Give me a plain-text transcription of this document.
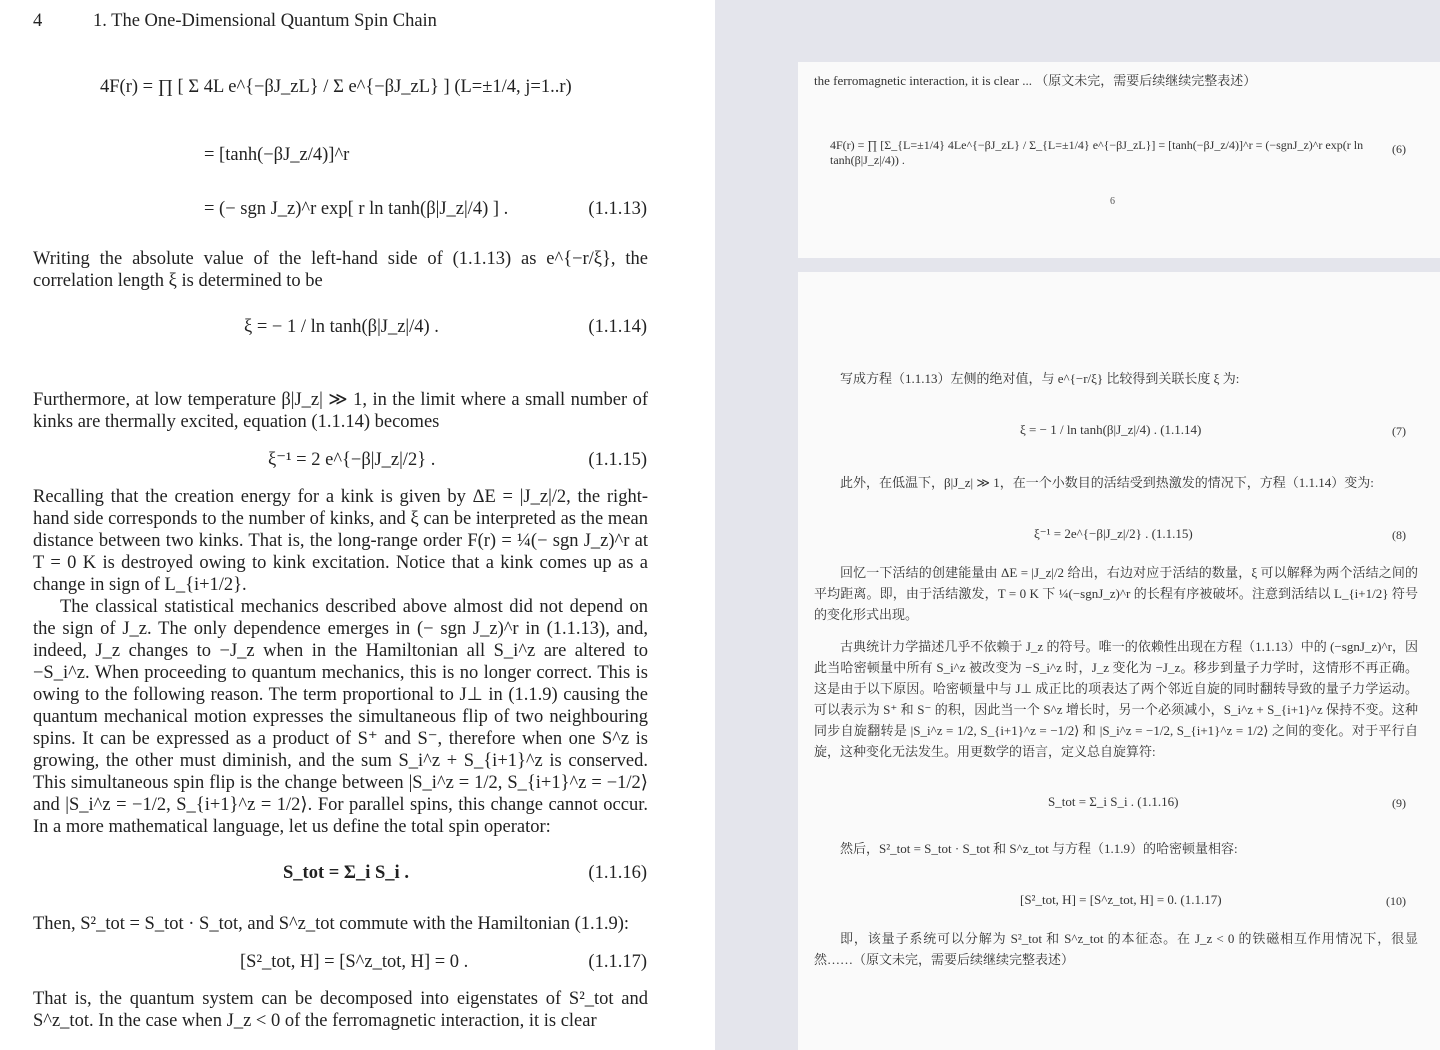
4	1. The One-Dimensional Quantum Spin Chain
4F(r) = ∏ [ Σ 4L e^{−βJ_zL} / Σ e^{−βJ_zL} ] (L=±1/4, j=1..r)
= [tanh(−βJ_z/4)]^r
= (− sgn J_z)^r exp[ r ln tanh(β|J_z|/4) ] .	(1.1.13)
Writing the absolute value of the left-hand side of (1.1.13) as e^{−r/ξ}, the correlation length ξ is determined to be
ξ = − 1 / ln tanh(β|J_z|/4) .	(1.1.14)
Furthermore, at low temperature β|J_z| ≫ 1, in the limit where a small number of kinks are thermally excited, equation (1.1.14) becomes
ξ⁻¹ = 2 e^{−β|J_z|/2} .	(1.1.15)
Recalling that the creation energy for a kink is given by ΔE = |J_z|/2, the right-hand side corresponds to the number of kinks, and ξ can be interpreted as the mean distance between two kinks. That is, the long-range order F(r) = ¼(− sgn J_z)^r at T = 0 K is destroyed owing to kink excitation. Notice that a kink comes up as a change in sign of L_{i+1/2}.
The classical statistical mechanics described above almost did not depend on the sign of J_z. The only dependence emerges in (− sgn J_z)^r in (1.1.13), and, indeed, J_z changes to −J_z when in the Hamiltonian all S_i^z are altered to −S_i^z. When proceeding to quantum mechanics, this is no longer correct. This is owing to the following reason. The term proportional to J⊥ in (1.1.9) causing the quantum mechanical motion expresses the simultaneous flip of two neighbouring spins. It can be expressed as a product of S⁺ and S⁻, therefore when one S^z is growing, the other must diminish, and the sum S_i^z + S_{i+1}^z is conserved. This simultaneous spin flip is the change between |S_i^z = 1/2, S_{i+1}^z = −1/2⟩ and |S_i^z = −1/2, S_{i+1}^z = 1/2⟩. For parallel spins, this change cannot occur. In a more mathematical language, let us define the total spin operator:
S_tot = Σ_i S_i .	(1.1.16)
Then, S²_tot = S_tot · S_tot, and S^z_tot commute with the Hamiltonian (1.1.9):
[S²_tot, H] = [S^z_tot, H] = 0 .	(1.1.17)
That is, the quantum system can be decomposed into eigenstates of S²_tot and S^z_tot. In the case when J_z < 0 of the ferromagnetic interaction, it is clear
the ferromagnetic interaction, it is clear ... （原文未完，需要后续继续完整表述）
4F(r) = ∏ [Σ_{L=±1/4} 4Le^{−βJ_zL} / Σ_{L=±1/4} e^{−βJ_zL}] = [tanh(−βJ_z/4)]^r = (−sgnJ_z)^r exp(r ln tanh(β|J_z|/4)) .
(6)
6
写成方程（1.1.13）左侧的绝对值，与 e^{−r/ξ} 比较得到关联长度 ξ 为:
ξ = − 1 / ln tanh(β|J_z|/4) . (1.1.14)	(7)
此外，在低温下，β|J_z| ≫ 1，在一个小数目的活结受到热激发的情况下，方程（1.1.14）变为:
ξ⁻¹ = 2e^{−β|J_z|/2} . (1.1.15)	(8)
回忆一下活结的创建能量由 ΔE = |J_z|/2 给出，右边对应于活结的数量，ξ 可以解释为两个活结之间的平均距离。即，由于活结激发，T = 0 K 下 ¼(−sgnJ_z)^r 的长程有序被破坏。注意到活结以 L_{i+1/2} 符号的变化形式出现。
古典统计力学描述几乎不依赖于 J_z 的符号。唯一的依赖性出现在方程（1.1.13）中的 (−sgnJ_z)^r，因此当哈密顿量中所有 S_i^z 被改变为 −S_i^z 时，J_z 变化为 −J_z。移步到量子力学时，这情形不再正确。这是由于以下原因。哈密顿量中与 J⊥ 成正比的项表达了两个邻近自旋的同时翻转导致的量子力学运动。可以表示为 S⁺ 和 S⁻ 的积，因此当一个 S^z 增长时，另一个必须减小，S_i^z + S_{i+1}^z 保持不变。这种同步自旋翻转是 |S_i^z = 1/2, S_{i+1}^z = −1/2⟩ 和 |S_i^z = −1/2, S_{i+1}^z = 1/2⟩ 之间的变化。对于平行自旋，这种变化无法发生。用更数学的语言，定义总自旋算符:
S_tot = Σ_i S_i . (1.1.16)	(9)
然后，S²_tot = S_tot · S_tot 和 S^z_tot 与方程（1.1.9）的哈密顿量相容:
[S²_tot, H] = [S^z_tot, H] = 0. (1.1.17)	(10)
即，该量子系统可以分解为 S²_tot 和 S^z_tot 的本征态。在 J_z < 0 的铁磁相互作用情况下，很显然……（原文未完，需要后续继续完整表述）
